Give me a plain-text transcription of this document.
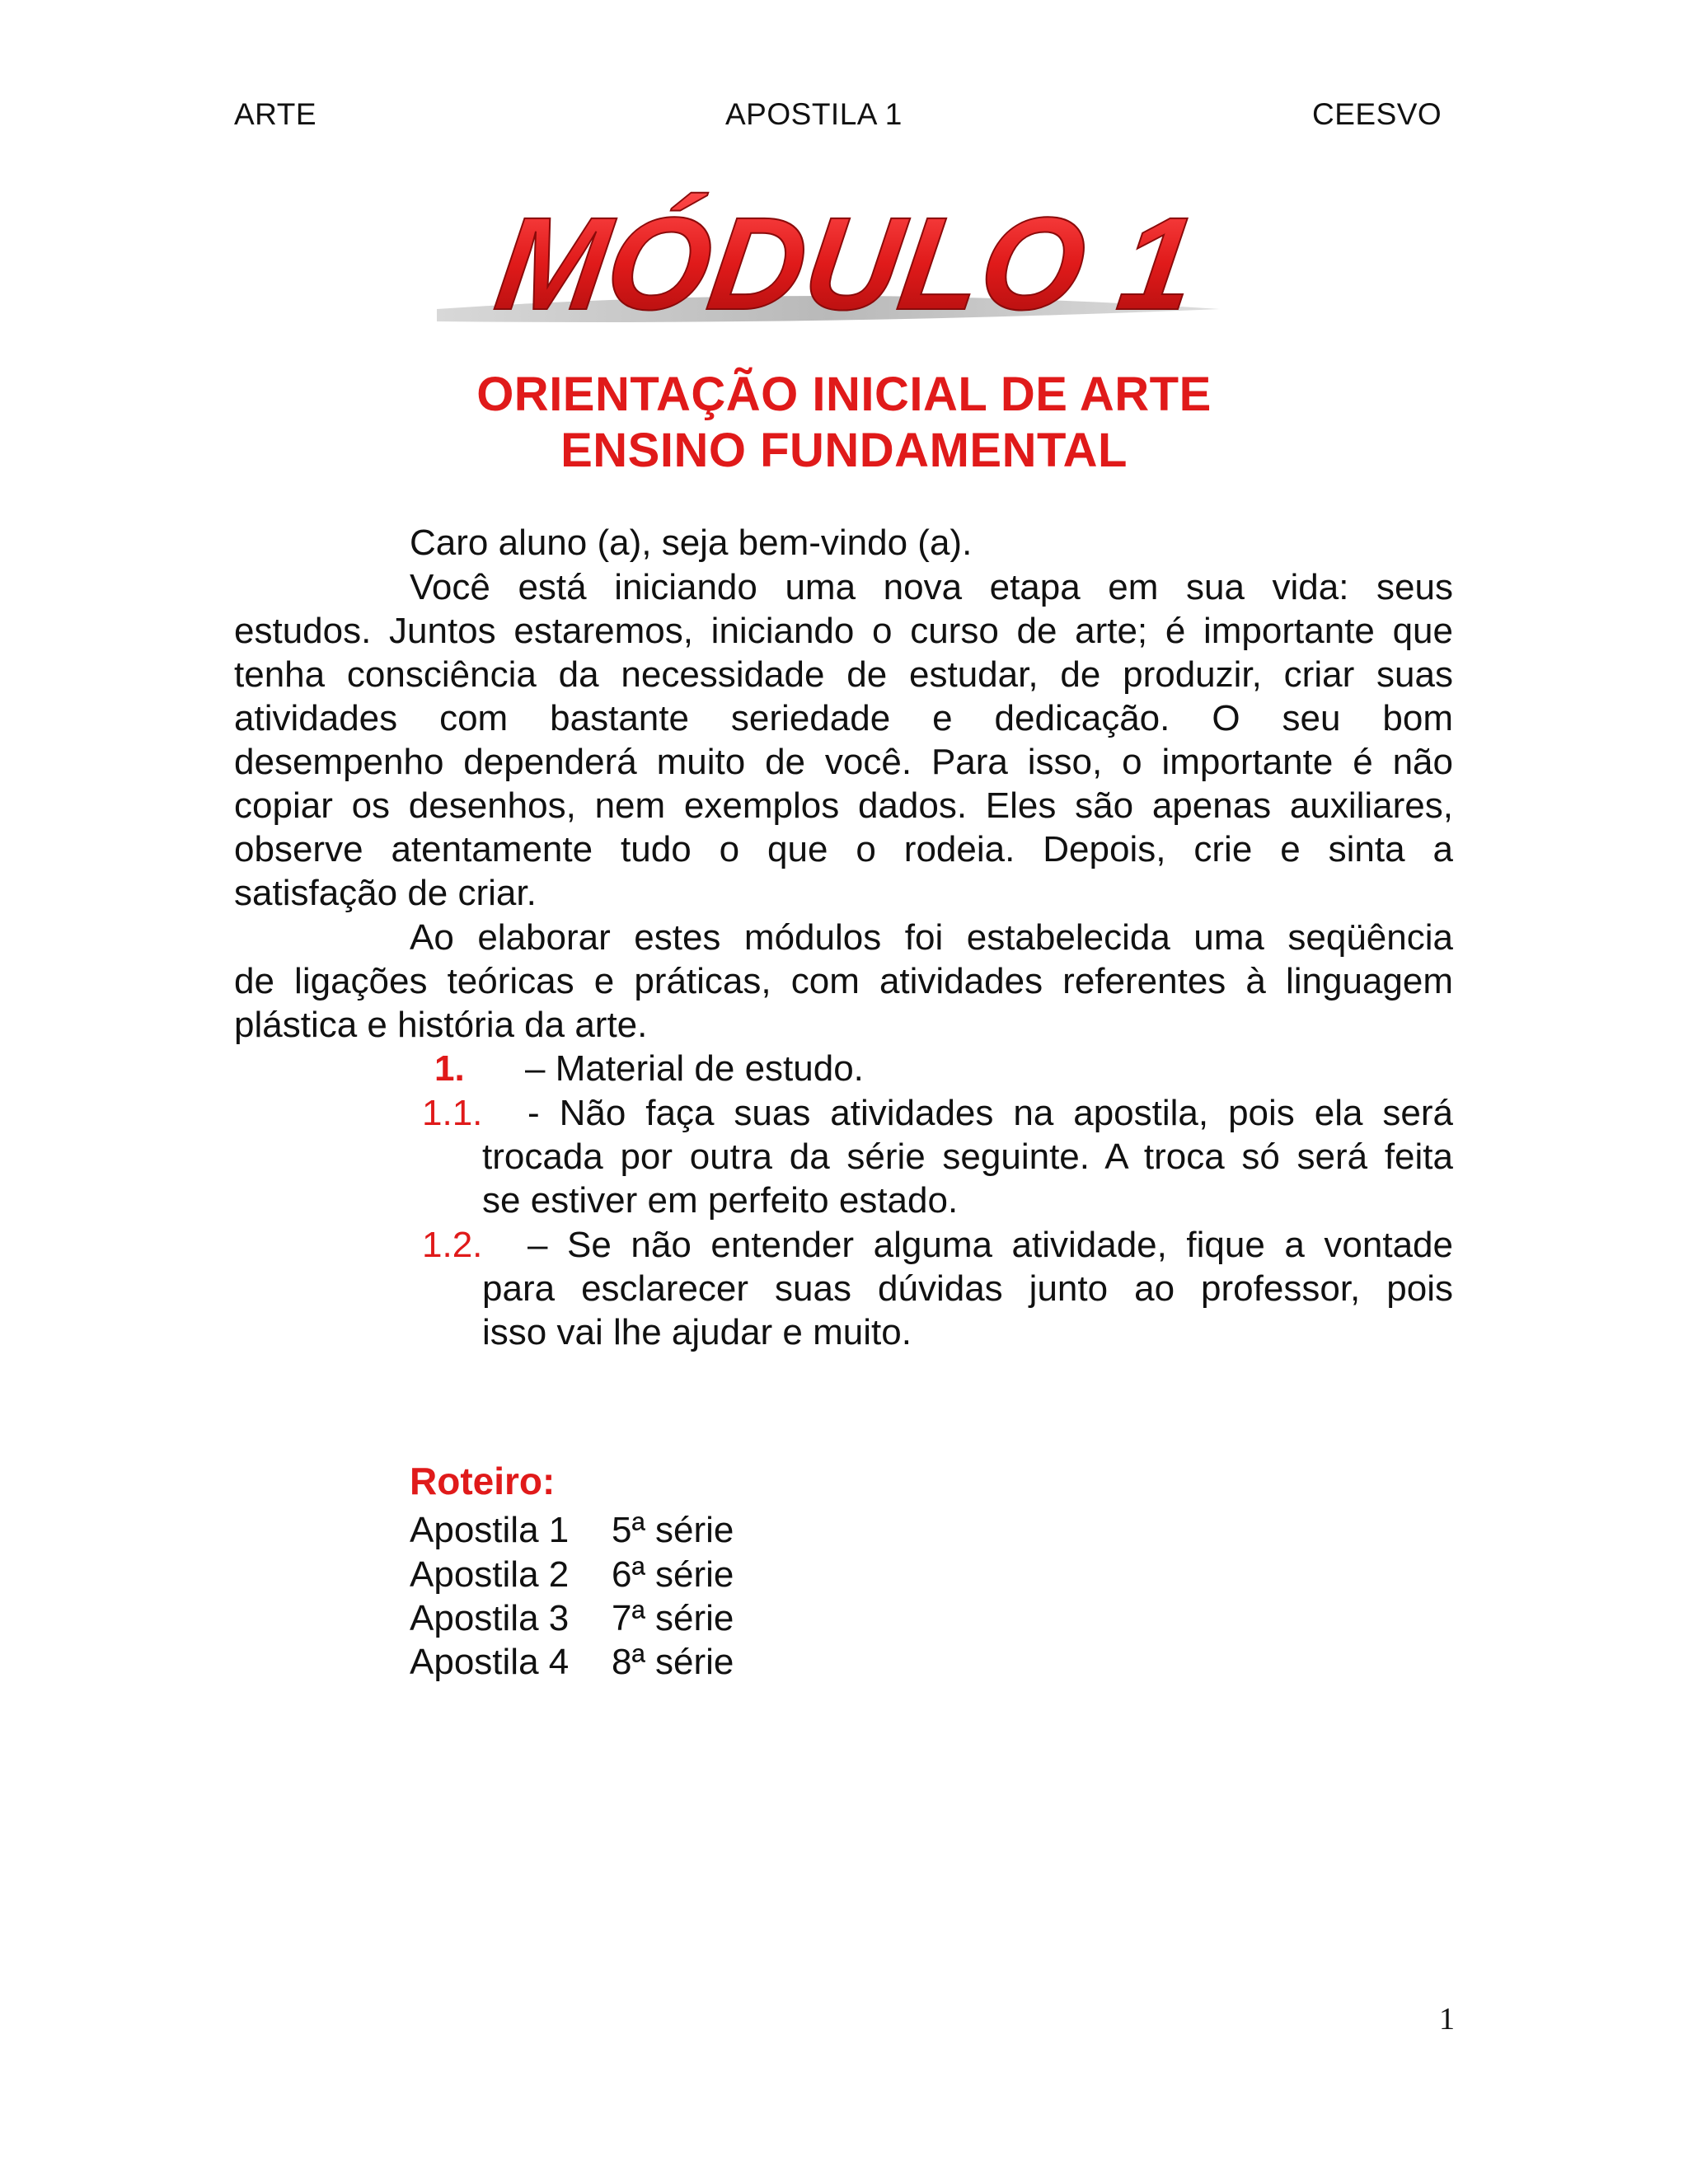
ARTE	APOSTILA 1	CEESVO
MÓDULO 1
ORIENTAÇÃO INICIAL DE ARTE
ENSINO FUNDAMENTAL
Caro aluno (a), seja bem-vindo (a).
Você está iniciando uma nova etapa em sua vida: seus
estudos. Juntos estaremos, iniciando o curso de arte; é importante que
tenha consciência da necessidade de estudar, de produzir, criar suas
atividades com bastante seriedade e dedicação. O seu bom
desempenho dependerá muito de você. Para isso, o importante é não
copiar os desenhos, nem exemplos dados. Eles são apenas auxiliares,
observe atentamente tudo o que o rodeia. Depois, crie e sinta a
satisfação de criar.
Ao elaborar estes módulos foi estabelecida uma seqüência
de ligações teóricas e práticas, com atividades referentes à linguagem
plástica e história da arte.
1. – Material de estudo.
1.1. - Não faça suas atividades na apostila, pois ela será
trocada por outra da série seguinte. A troca só será feita
se estiver em perfeito estado.
1.2. – Se não entender alguma atividade, fique a vontade
para esclarecer suas dúvidas junto ao professor, pois
isso vai lhe ajudar e muito.
Roteiro:
Apostila 1 5ª série
Apostila 2 6ª série
Apostila 3 7ª série
Apostila 4 8ª série
1
